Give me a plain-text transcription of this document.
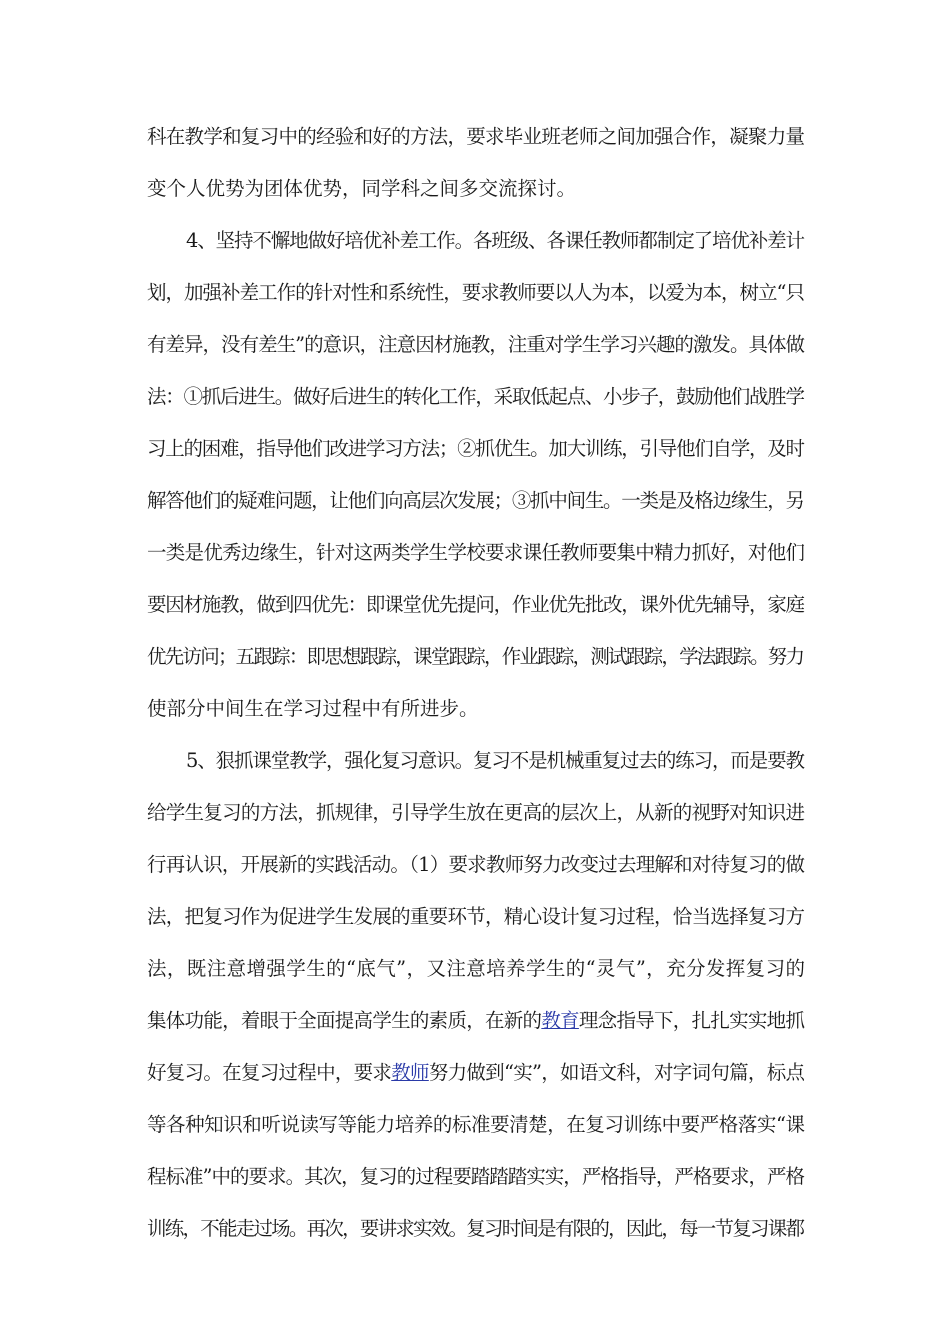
科在教学和复习中的经验和好的方法，要求毕业班老师之间加强合作，凝聚力量
变个人优势为团体优势，同学科之间多交流探讨。
4、坚持不懈地做好培优补差工作。各班级、各课任教师都制定了培优补差计
划，加强补差工作的针对性和系统性，要求教师要以人为本，以爱为本，树立“只
有差异，没有差生”的意识，注意因材施教，注重对学生学习兴趣的激发。具体做
法：①抓后进生。做好后进生的转化工作，采取低起点、小步子，鼓励他们战胜学
习上的困难，指导他们改进学习方法；②抓优生。加大训练，引导他们自学，及时
解答他们的疑难问题，让他们向高层次发展；③抓中间生。一类是及格边缘生，另
一类是优秀边缘生，针对这两类学生学校要求课任教师要集中精力抓好，对他们
要因材施教，做到四优先：即课堂优先提问，作业优先批改，课外优先辅导，家庭
优先访问；五跟踪：即思想跟踪，课堂跟踪，作业跟踪，测试跟踪，学法跟踪。努力
使部分中间生在学习过程中有所进步。
5、狠抓课堂教学，强化复习意识。复习不是机械重复过去的练习，而是要教
给学生复习的方法，抓规律，引导学生放在更高的层次上，从新的视野对知识进
行再认识，开展新的实践活动。（1）要求教师努力改变过去理解和对待复习的做
法，把复习作为促进学生发展的重要环节，精心设计复习过程，恰当选择复习方
法，既注意增强学生的“底气”，又注意培养学生的“灵气”，充分发挥复习的
集体功能，着眼于全面提高学生的素质，在新的教育理念指导下，扎扎实实地抓
好复习。在复习过程中，要求教师努力做到“实”，如语文科，对字词句篇，标点
等各种知识和听说读写等能力培养的标准要清楚，在复习训练中要严格落实“课
程标准”中的要求。其次，复习的过程要踏踏踏实实，严格指导，严格要求，严格
训练，不能走过场。再次，要讲求实效。复习时间是有限的，因此，每一节复习课都
